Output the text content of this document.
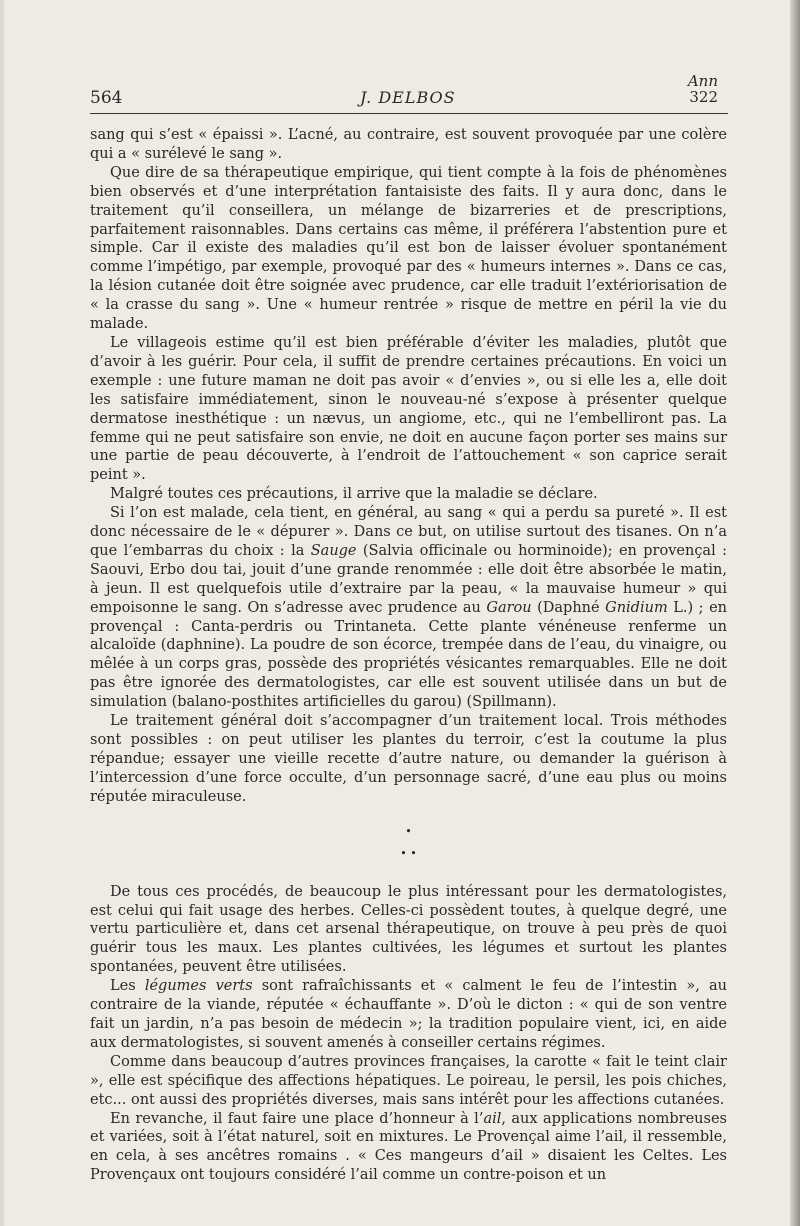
Ann
564	J. DELBOS	322

sang qui s’est « épaissi ». L’acné, au contraire, est souvent provoquée par une colère qui a « surélevé le sang ».

Que dire de sa thérapeutique empirique, qui tient compte à la fois de phénomènes bien observés et d’une interprétation fantaisiste des faits. Il y aura donc, dans le traitement qu’il conseillera, un mélange de bizarreries et de prescriptions, parfaitement raisonnables. Dans certains cas même, il préférera l’abstention pure et simple. Car il existe des maladies qu’il est bon de laisser évoluer spontanément comme l’impétigo, par exemple, provoqué par des « humeurs internes ». Dans ce cas, la lésion cutanée doit être soignée avec prudence, car elle traduit l’extériorisation de « la crasse du sang ». Une « humeur rentrée » risque de mettre en péril la vie du malade.

Le villageois estime qu’il est bien préférable d’éviter les maladies, plutôt que d’avoir à les guérir. Pour cela, il suffit de prendre certaines précautions. En voici un exemple : une future maman ne doit pas avoir « d’envies », ou si elle les a, elle doit les satisfaire immédiatement, sinon le nouveau-né s’expose à présenter quelque dermatose inesthétique : un nævus, un angiome, etc., qui ne l’embelliront pas. La femme qui ne peut satisfaire son envie, ne doit en aucune façon porter ses mains sur une partie de peau découverte, à l’endroit de l’attouchement « son caprice serait peint ».

Malgré toutes ces précautions, il arrive que la maladie se déclare.

Si l’on est malade, cela tient, en général, au sang « qui a perdu sa pureté ». Il est donc nécessaire de le « dépurer ». Dans ce but, on utilise surtout des tisanes. On n’a que l’embarras du choix : la Sauge (Salvia officinale ou horminoide); en provençal : Saouvi, Erbo dou tai, jouit d’une grande renommée : elle doit être absorbée le matin, à jeun. Il est quelquefois utile d’extraire par la peau, « la mauvaise humeur » qui empoisonne le sang. On s’adresse avec prudence au Garou (Daphné Gnidium L.) ; en provençal : Canta-perdris ou Trintaneta. Cette plante vénéneuse renferme un alcaloïde (daphnine). La poudre de son écorce, trempée dans de l’eau, du vinaigre, ou mêlée à un corps gras, possède des propriétés vésicantes remarquables. Elle ne doit pas être ignorée des dermatologistes, car elle est souvent utilisée dans un but de simulation (balano-posthites artificielles du garou) (Spillmann).

Le traitement général doit s’accompagner d’un traitement local. Trois méthodes sont possibles : on peut utiliser les plantes du terroir, c’est la coutume la plus répandue; essayer une vieille recette d’autre nature, ou demander la guérison à l’intercession d’une force occulte, d’un personnage sacré, d’une eau plus ou moins réputée miraculeuse.

•
• •

De tous ces procédés, de beaucoup le plus intéressant pour les dermatologistes, est celui qui fait usage des herbes. Celles-ci possèdent toutes, à quelque degré, une vertu particulière et, dans cet arsenal thérapeutique, on trouve à peu près de quoi guérir tous les maux. Les plantes cultivées, les légumes et surtout les plantes spontanées, peuvent être utilisées.

Les légumes verts sont rafraîchissants et « calment le feu de l’intestin », au contraire de la viande, réputée « échauffante ». D’où le dicton : « qui de son ventre fait un jardin, n’a pas besoin de médecin »; la tradition populaire vient, ici, en aide aux dermatologistes, si souvent amenés à conseiller certains régimes.

Comme dans beaucoup d’autres provinces françaises, la carotte « fait le teint clair », elle est spécifique des affections hépatiques. Le poireau, le persil, les pois chiches, etc... ont aussi des propriétés diverses, mais sans intérêt pour les affections cutanées.

En revanche, il faut faire une place d’honneur à l’ail, aux applications nombreuses et variées, soit à l’état naturel, soit en mixtures. Le Provençal aime l’ail, il ressemble, en cela, à ses ancêtres romains . « Ces mangeurs d’ail » disaient les Celtes. Les Provençaux ont toujours considéré l’ail comme un contre-poison et un
